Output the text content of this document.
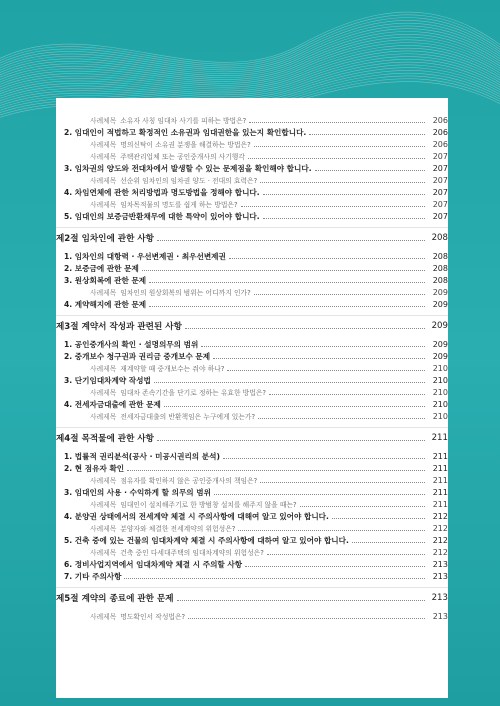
사례체목 소유자 사칭 임대차 사기를 피하는 방법은?	206
2. 임대인이 적법하고 확정적인 소유권과 임대권한을 있는지 확인합니다.	206
사례제목 명의신탁이 소유권 분쟁을 해결하는 방법은?	206
사례제목 주택관리업체 또는 공인중개사의 사기행각	207
3. 임차권의 양도와 전대차에서 발생할 수 있는 문제점을 확인해야 합니다.	207
사례제목 선순위 임차인의 임차권 양도 · 전대의 효력은?	207
4. 차임연체에 관한 처리방법과 명도방법을 정해야 합니다.	207
사례제목 임차목적물의 명도를 쉽게 하는 방법은?	207
5. 임대인의 보증금반환채무에 대한 특약이 있어야 합니다.	207
제2절 임차인에 관한 사항	208
1. 임차인의 대항력 · 우선변제권 · 최우선변제권	208
2. 보증금에 관한 문제	208
3. 원상회복에 관한 문제	208
사례제목 임차인의 원상회복의 범위는 어디까지 인가?	209
4. 계약해지에 관한 문제	209
제3절 계약서 작성과 관련된 사항	209
1. 공인중개사의 확인 · 설명의무의 범위	209
2. 중개보수 청구권과 권리금 중개보수 문제	209
사례제목 재계약할 때 중개보수는 줘야 하나?	210
3. 단기임대차계약 작성법	210
사례제목 임대차 존속기간을 단기로 정하는 유효한 방법은?	210
4. 전세자금대출에 관한 문제	210
사례제목 전세자금대출의 반환책임은 누구에게 있는가?	210
제4절 목적물에 관한 사항	211
1. 법률적 권리분석(공사 · 미공시권리의 분석)	211
2. 현 점유자 확인	211
사례제목 점유자를 확인하지 않은 공인중개사의 책임은?	211
3. 임대인의 사용 · 수익하게 할 의무의 범위	211
사례제목 임대인이 설치해주기로 한 방범창 설치를 해주지 않을 때는?	211
4. 분양권 상태에서의 전세계약 체결 시 주의사항에 대해여 알고 있어야 합니다.	212
사례제목 분양자와 체결한 전세계약의 위험성은?	212
5. 건축 중에 있는 건물의 임대차계약 체결 시 주의사항에 대하여 알고 있어야 합니다.	212
사례제목 건축 중인 다세대주택의 임대차계약의 위험성은?	212
6. 정비사업지역에서 임대차계약 체결 시 주의할 사항	213
7. 기타 주의사항	213
제5절 계약의 종료에 관한 문제	213
사례제목 명도확인서 작성법은?	213
